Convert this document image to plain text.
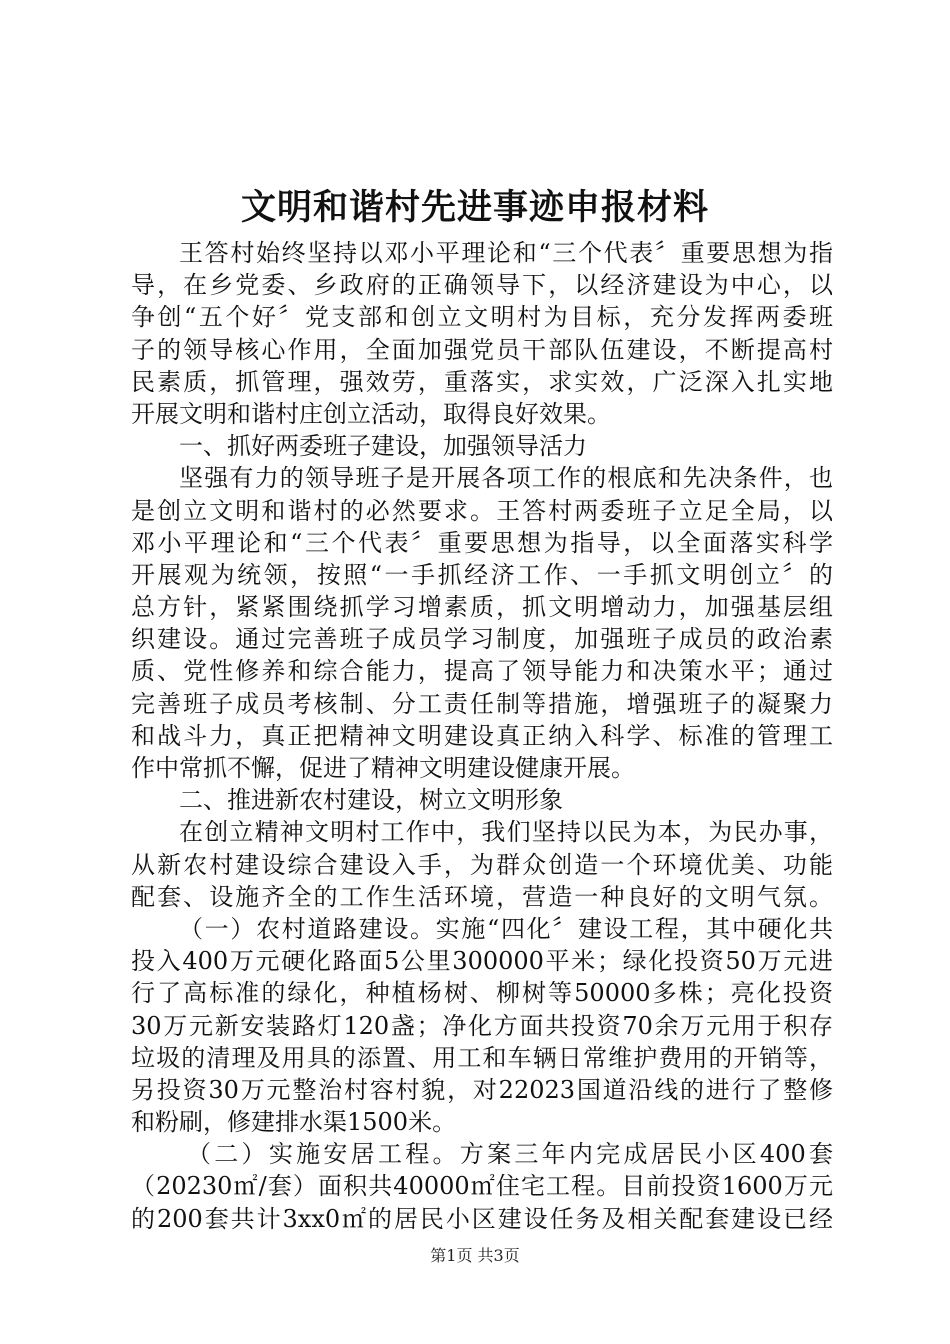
文明和谐村先进事迹申报材料
王答村始终坚持以邓小平理论和“三个代表〞重要思想为指
导，在乡党委、乡政府的正确领导下，以经济建设为中心，以
争创“五个好〞党支部和创立文明村为目标，充分发挥两委班
子的领导核心作用，全面加强党员干部队伍建设，不断提高村
民素质，抓管理，强效劳，重落实，求实效，广泛深入扎实地
开展文明和谐村庄创立活动，取得良好效果。
一、抓好两委班子建设，加强领导活力
坚强有力的领导班子是开展各项工作的根底和先决条件，也
是创立文明和谐村的必然要求。王答村两委班子立足全局，以
邓小平理论和“三个代表〞重要思想为指导，以全面落实科学
开展观为统领，按照“一手抓经济工作、一手抓文明创立〞的
总方针，紧紧围绕抓学习增素质，抓文明增动力，加强基层组
织建设。通过完善班子成员学习制度，加强班子成员的政治素
质、党性修养和综合能力，提高了领导能力和决策水平；通过
完善班子成员考核制、分工责任制等措施，增强班子的凝聚力
和战斗力，真正把精神文明建设真正纳入科学、标准的管理工
作中常抓不懈，促进了精神文明建设健康开展。
二、推进新农村建设，树立文明形象
在创立精神文明村工作中，我们坚持以民为本，为民办事，
从新农村建设综合建设入手，为群众创造一个环境优美、功能
配套、设施齐全的工作生活环境，营造一种良好的文明气氛。
（一）农村道路建设。实施“四化〞建设工程，其中硬化共
投入400万元硬化路面5公里300000平米；绿化投资50万元进
行了高标准的绿化，种植杨树、柳树等50000多株；亮化投资
30万元新安装路灯120盏；净化方面共投资70余万元用于积存
垃圾的清理及用具的添置、用工和车辆日常维护费用的开销等，
另投资30万元整治村容村貌，对22023国道沿线的进行了整修
和粉刷，修建排水渠1500米。
（二）实施安居工程。方案三年内完成居民小区400套
（20230㎡/套）面积共40000㎡住宅工程。目前投资1600万元
的200套共计3xx0㎡的居民小区建设任务及相关配套建设已经
第1页 共3页
